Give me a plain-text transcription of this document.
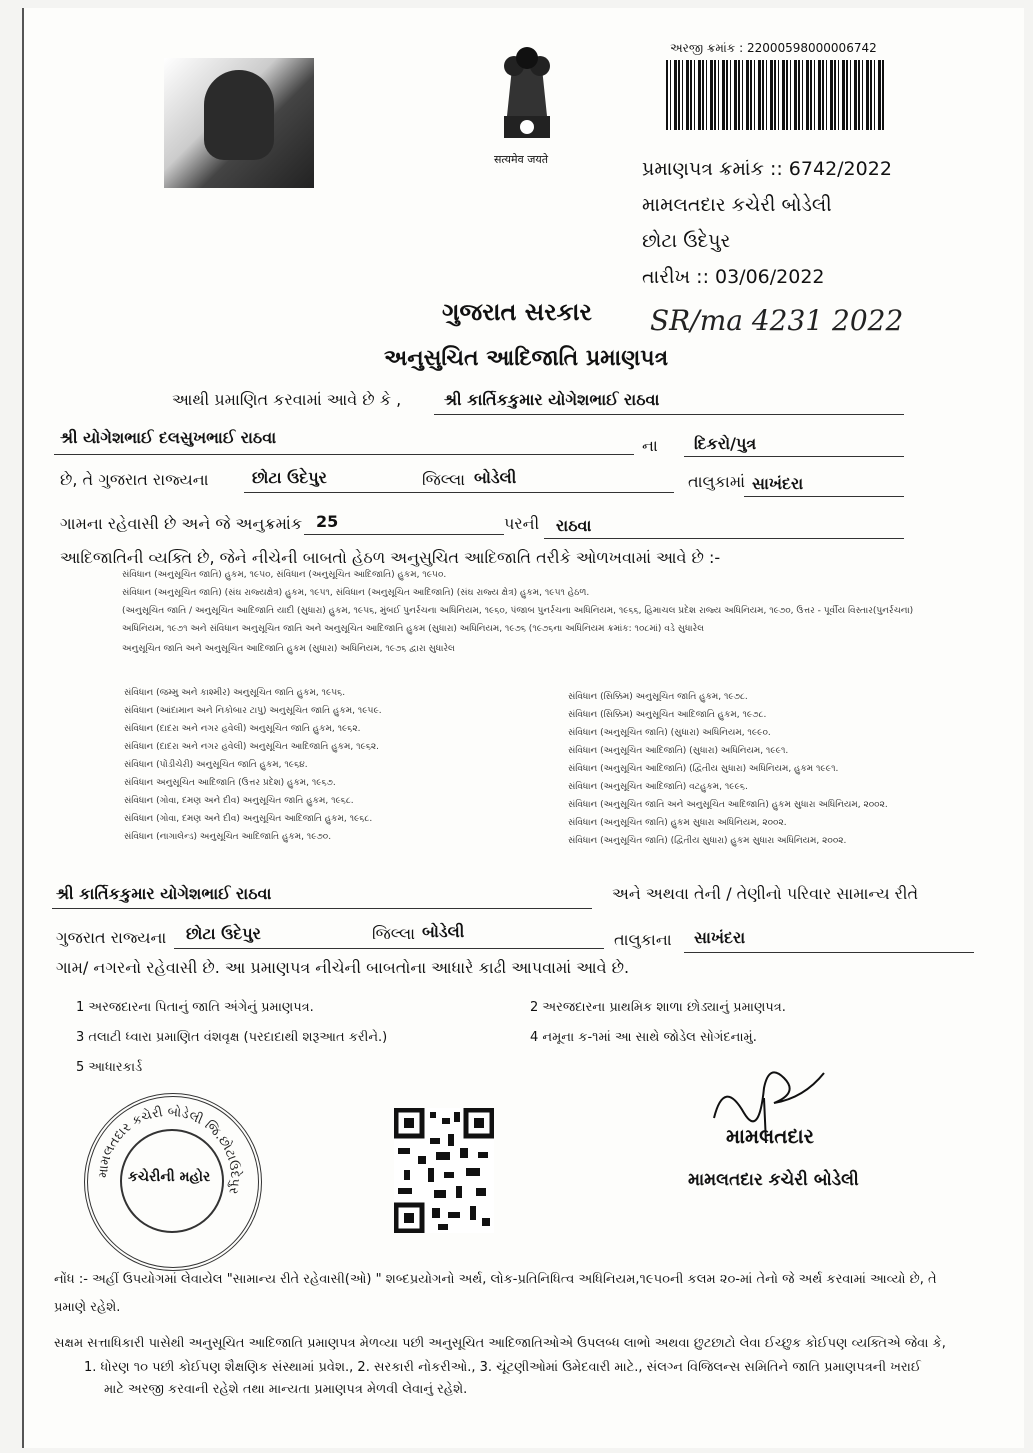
सत्यमेव जयते
અરજી ક્રમાંક : 22000598000006742
પ્રમાણપત્ર ક્રમાંક :: 6742/2022
મામલતદાર કચેરી બોડેલી
છોટા ઉદેપુર
તારીખ :: 03/06/2022
ગુજરાત સરકાર SR/ma 4231 2022
અનુસુચિત આદિજાતિ પ્રમાણપત્ર
આથી પ્રમાણિત કરવામાં આવે છે કે ,	શ્રી કાર્તિકકુમાર યોગેશભાઈ રાઠવા
શ્રી યોગેશભાઈ દલસુખભાઈ રાઠવા	ના દિકરો/પુત્ર
છે, તે ગુજરાત રાજ્યના	છોટા ઉદેપુર	જિલ્લા બોડેલી	તાલુકામાં સાખંદરા
ગામના રહેવાસી છે અને જે અનુક્રમાંક 25	પરની રાઠવા
આદિજાતિની વ્યક્તિ છે, જેને નીચેની બાબતો હેઠળ અનુસુચિત આદિજાતિ તરીકે ઓળખવામાં આવે છે :-
સંવિધાન (અનુસૂચિત જાતિ) હુકમ, ૧૯૫૦, સંવિધાન (અનુસૂચિત આદિજાતિ) હુકમ, ૧૯૫૦.
સંવિધાન (અનુસૂચિત જાતિ) (સંઘ રાજ્યક્ષેત્ર) હુકમ, ૧૯૫૧, સંવિધાન (અનુસૂચિત આદિજાતિ) (સંઘ રાજ્ય ક્ષેત્ર) હુકમ, ૧૯૫૧ હેઠળ.
(અનુસૂચિત જાતિ / અનુસૂચિત આદિજાતિ યાદી (સુધારા) હુકમ, ૧૯૫૬, મુંબઈ પુનર્રચના અધિનિયમ, ૧૯૬૦, પંજાબ પુનર્રચના અધિનિયમ, ૧૯૬૬, હિમાચલ પ્રદેશ રાજ્ય અધિનિયમ, ૧૯૭૦, ઉત્તર - પૂર્વીય વિસ્તાર(પુનર્રચના)
અધિનિયમ, ૧૯૭૧ અને સંવિધાન અનુસૂચિત જાતિ અને અનુસૂચિત આદિજાતિ હુકમ (સુધારા) અધિનિયમ, ૧૯૭૬ (૧૯૭૬ના અધિનિયમ ક્રમાંક: ૧૦૮માં) વડે સુધારેલ
અનુસૂચિત જાતિ અને અનુસૂચિત આદિજાતિ હુકમ (સુધારા) અધિનિયમ, ૧૯૭૬ દ્વારા સુધારેલ
સંવિધાન (જમ્મુ અને કાશ્મીર) અનુસૂચિત જાતિ હુકમ, ૧૯૫૬.
સંવિધાન (આંદામાન અને નિકોબાર ટાપુ) અનુસૂચિત જાતિ હુકમ, ૧૯૫૯.
સંવિધાન (દાદરા અને નગર હવેલી) અનુસૂચિત જાતિ હુકમ, ૧૯૬૨.
સંવિધાન (દાદરા અને નગર હવેલી) અનુસૂચિત આદિજાતિ હુકમ, ૧૯૬૨.
સંવિધાન (પોંડીચેરી) અનુસૂચિત જાતિ હુકમ, ૧૯૬૪.
સંવિધાન અનુસૂચિત આદિજાતિ (ઉત્તર પ્રદેશ) હુકમ, ૧૯૬૭.
સંવિધાન (ગોવા, દમણ અને દીવ) અનુસૂચિત જાતિ હુકમ, ૧૯૬૮.
સંવિધાન (ગોવા, દમણ અને દીવ) અનુસૂચિત આદિજાતિ હુકમ, ૧૯૬૮.
સંવિધાન (નાગાલેન્ડ) અનુસૂચિત આદિજાતિ હુકમ, ૧૯૭૦.
સંવિધાન (સિક્કિમ) અનુસૂચિત જાતિ હુકમ, ૧૯૭૮.
સંવિધાન (સિક્કિમ) અનુસૂચિત આદિજાતિ હુકમ, ૧૯૭૮.
સંવિધાન (અનુસૂચિત જાતિ) (સુધારા) અધિનિયમ, ૧૯૯૦.
સંવિધાન (અનુસૂચિત આદિજાતિ) (સુધારા) અધિનિયમ, ૧૯૯૧.
સંવિધાન (અનુસૂચિત આદિજાતિ) (દ્વિતીય સુધારા) અધિનિયમ, હુકમ ૧૯૯૧.
સંવિધાન (અનુસૂચિત આદિજાતિ) વટહુકમ, ૧૯૯૬.
સંવિધાન (અનુસૂચિત જાતિ અને અનુસૂચિત આદિજાતિ) હુકમ સુધારા અધિનિયમ, ૨૦૦૨.
સંવિધાન (અનુસૂચિત જાતિ) હુકમ સુધારા અધિનિયમ, ૨૦૦૨.
સંવિધાન (અનુસૂચિત જાતિ) (દ્વિતીય સુધારા) હુકમ સુધારા અધિનિયમ, ૨૦૦૨.
શ્રી કાર્તિકકુમાર યોગેશભાઈ રાઠવા	અને અથવા તેની / તેણીનો પરિવાર સામાન્ય રીતે
ગુજરાત રાજ્યના છોટા ઉદેપુર	જિલ્લા બોડેલી	તાલુકાના સાખંદરા
ગામ/ નગરનો રહેવાસી છે. આ પ્રમાણપત્ર નીચેની બાબતોના આધારે કાઢી આપવામાં આવે છે.
1 અરજદારના પિતાનું જાતિ અંગેનું પ્રમાણપત્ર.	2 અરજદારના પ્રાથમિક શાળા છોડ્યાનું પ્રમાણપત્ર.
3 તલાટી ધ્વારા પ્રમાણિત વંશવૃક્ષ (પરદાદાથી શરૂઆત કરીને.)	4 નમૂના ક-૧માં આ સાથે જોડેલ સોગંદનામું.
5 આધારકાર્ડ
મામલતદાર કચેરી બોડેલી જિ.છોટાઉદેપુર
કચેરીની મહોર
મામલતદાર
મામલતદાર કચેરી બોડેલી
નોંધ :- અહીં ઉપયોગમાં લેવાયેલ "સામાન્ય રીતે રહેવાસી(ઓ) " શબ્દપ્રયોગનો અર્થ, લોક-પ્રતિનિધિત્વ અધિનિયમ,૧૯૫૦ની કલમ ૨૦-માં તેનો જે અર્થ કરવામાં આવ્યો છે, તે
પ્રમાણે રહેશે.
સક્ષમ સત્તાધિકારી પાસેથી અનુસૂચિત આદિજાતિ પ્રમાણપત્ર મેળવ્યા પછી અનુસૂચિત આદિજાતિઓએ ઉપલબ્ધ લાભો અથવા છુટછાટો લેવા ઈચ્છુક કોઈપણ વ્યક્તિએ જેવા કે,
1. ધોરણ ૧૦ પછી કોઈપણ શૈક્ષણિક સંસ્થામાં પ્રવેશ., 2. સરકારી નોકરીઓ., 3. ચૂંટણીઓમાં ઉમેદવારી માટે., સંલગ્ન વિજિલન્સ સમિતિને જાતિ પ્રમાણપત્રની ખરાઈ
માટે અરજી કરવાની રહેશે તથા માન્યતા પ્રમાણપત્ર મેળવી લેવાનું રહેશે.
